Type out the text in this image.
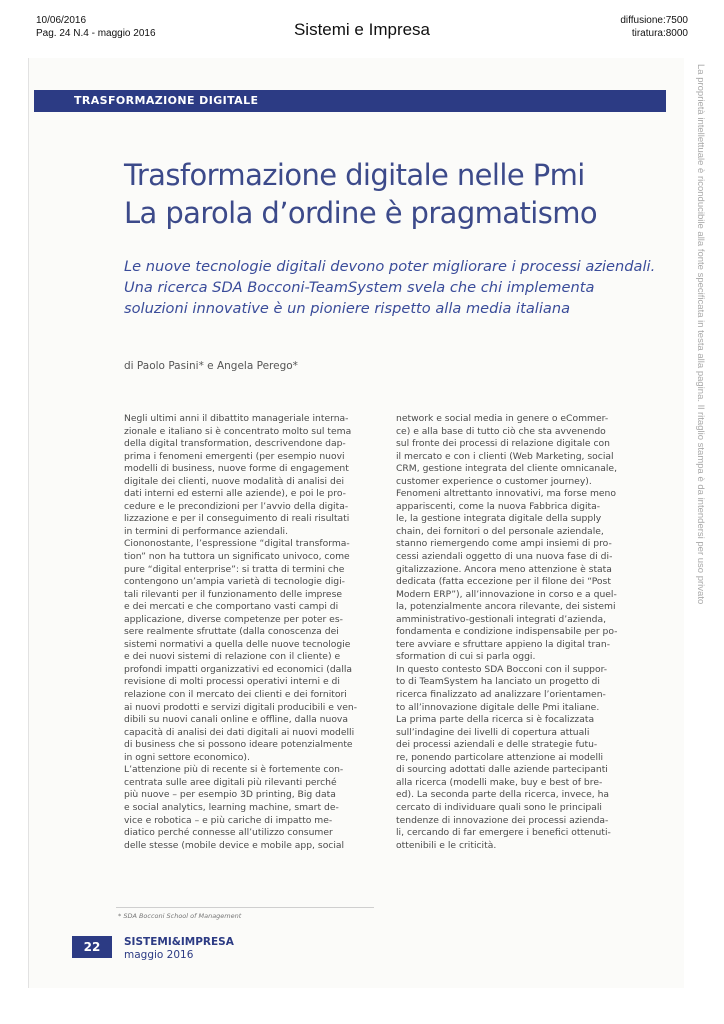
10/06/2016
Pag. 24 N.4 - maggio 2016	Sistemi e Impresa	diffusione:7500
tiratura:8000
La proprietà intellettuale è riconducibile alla fonte specificata in testa alla pagina. Il ritaglio stampa è da intendersi per uso privato
TRASFORMAZIONE DIGITALE
Trasformazione digitale nelle Pmi
La parola d’ordine è pragmatismo
Le nuove tecnologie digitali devono poter migliorare i processi aziendali.
Una ricerca SDA Bocconi-TeamSystem svela che chi implementa
soluzioni innovative è un pioniere rispetto alla media italiana
di Paolo Pasini* e Angela Perego*
Negli ultimi anni il dibattito manageriale interna-
zionale e italiano si è concentrato molto sul tema
della digital transformation, descrivendone dap-
prima i fenomeni emergenti (per esempio nuovi
modelli di business, nuove forme di engagement
digitale dei clienti, nuove modalità di analisi dei
dati interni ed esterni alle aziende), e poi le pro-
cedure e le precondizioni per l’avvio della digita-
lizzazione e per il conseguimento di reali risultati
in termini di performance aziendali.
Ciononostante, l’espressione “digital transforma-
tion” non ha tuttora un significato univoco, come
pure “digital enterprise”: si tratta di termini che
contengono un’ampia varietà di tecnologie digi-
tali rilevanti per il funzionamento delle imprese
e dei mercati e che comportano vasti campi di
applicazione, diverse competenze per poter es-
sere realmente sfruttate (dalla conoscenza dei
sistemi normativi a quella delle nuove tecnologie
e dei nuovi sistemi di relazione con il cliente) e
profondi impatti organizzativi ed economici (dalla
revisione di molti processi operativi interni e di
relazione con il mercato dei clienti e dei fornitori
ai nuovi prodotti e servizi digitali producibili e ven-
dibili su nuovi canali online e offline, dalla nuova
capacità di analisi dei dati digitali ai nuovi modelli
di business che si possono ideare potenzialmente
in ogni settore economico).
L’attenzione più di recente si è fortemente con-
centrata sulle aree digitali più rilevanti perché
più nuove – per esempio 3D printing, Big data
e social analytics, learning machine, smart de-
vice e robotica – e più cariche di impatto me-
diatico perché connesse all’utilizzo consumer
delle stesse (mobile device e mobile app, social
network e social media in genere o eCommer-
ce) e alla base di tutto ciò che sta avvenendo
sul fronte dei processi di relazione digitale con
il mercato e con i clienti (Web Marketing, social
CRM, gestione integrata del cliente omnicanale,
customer experience o customer journey).
Fenomeni altrettanto innovativi, ma forse meno
appariscenti, come la nuova Fabbrica digita-
le, la gestione integrata digitale della supply
chain, dei fornitori o del personale aziendale,
stanno riemergendo come ampi insiemi di pro-
cessi aziendali oggetto di una nuova fase di di-
gitalizzazione. Ancora meno attenzione è stata
dedicata (fatta eccezione per il filone dei “Post
Modern ERP”), all’innovazione in corso e a quel-
la, potenzialmente ancora rilevante, dei sistemi
amministrativo-gestionali integrati d’azienda,
fondamenta e condizione indispensabile per po-
tere avviare e sfruttare appieno la digital tran-
sformation di cui si parla oggi.
In questo contesto SDA Bocconi con il suppor-
to di TeamSystem ha lanciato un progetto di
ricerca finalizzato ad analizzare l’orientamen-
to all’innovazione digitale delle Pmi italiane.
La prima parte della ricerca si è focalizzata
sull’indagine dei livelli di copertura attuali
dei processi aziendali e delle strategie futu-
re, ponendo particolare attenzione ai modelli
di sourcing adottati dalle aziende partecipanti
alla ricerca (modelli make, buy e best of bre-
ed). La seconda parte della ricerca, invece, ha
cercato di individuare quali sono le principali
tendenze di innovazione dei processi azienda-
li, cercando di far emergere i benefici ottenuti-
ottenibili e le criticità.
* SDA Bocconi School of Management
22	SISTEMI&IMPRESA
maggio 2016
